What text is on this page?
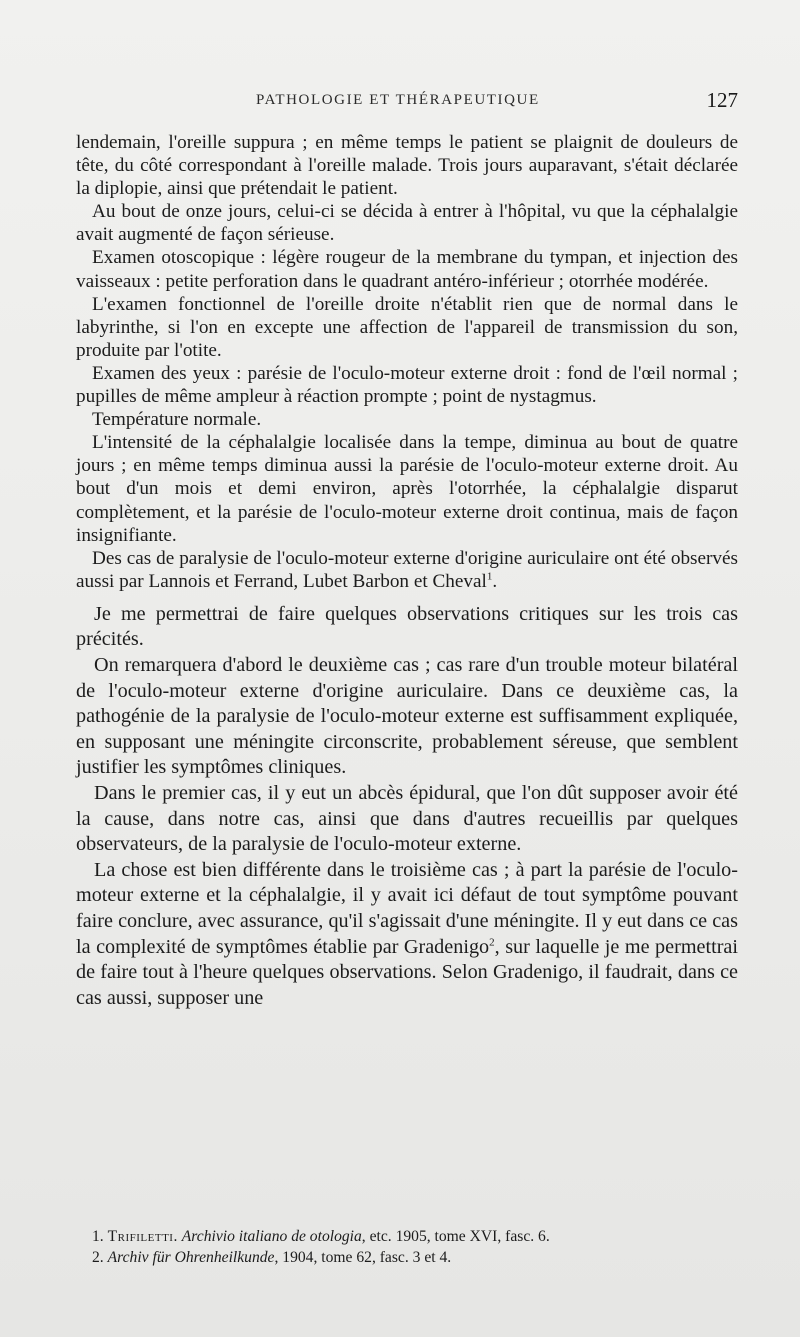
PATHOLOGIE ET THÉRAPEUTIQUE	127

lendemain, l'oreille suppura ; en même temps le patient se plaignit de douleurs de tête, du côté correspondant à l'oreille malade. Trois jours auparavant, s'était déclarée la diplopie, ainsi que prétendait le patient.

Au bout de onze jours, celui-ci se décida à entrer à l'hôpital, vu que la céphalalgie avait augmenté de façon sérieuse.

Examen otoscopique : légère rougeur de la membrane du tympan, et injection des vaisseaux : petite perforation dans le quadrant antéro-inférieur ; otorrhée modérée.

L'examen fonctionnel de l'oreille droite n'établit rien que de normal dans le labyrinthe, si l'on en excepte une affection de l'appareil de transmission du son, produite par l'otite.

Examen des yeux : parésie de l'oculo-moteur externe droit : fond de l'œil normal ; pupilles de même ampleur à réaction prompte ; point de nystagmus.

Température normale.

L'intensité de la céphalalgie localisée dans la tempe, diminua au bout de quatre jours ; en même temps diminua aussi la parésie de l'oculo-moteur externe droit. Au bout d'un mois et demi environ, après l'otorrhée, la céphalalgie disparut complètement, et la parésie de l'oculo-moteur externe droit continua, mais de façon insignifiante.

Des cas de paralysie de l'oculo-moteur externe d'origine auriculaire ont été observés aussi par Lannois et Ferrand, Lubet Barbon et Cheval$^1$.

Je me permettrai de faire quelques observations critiques sur les trois cas précités.

On remarquera d'abord le deuxième cas ; cas rare d'un trouble moteur bilatéral de l'oculo-moteur externe d'origine auriculaire. Dans ce deuxième cas, la pathogénie de la paralysie de l'oculo-moteur externe est suffisamment expliquée, en supposant une méningite circonscrite, probablement séreuse, que semblent justifier les symptômes cliniques.

Dans le premier cas, il y eut un abcès épidural, que l'on dût supposer avoir été la cause, dans notre cas, ainsi que dans d'autres recueillis par quelques observateurs, de la paralysie de l'oculo-moteur externe.

La chose est bien différente dans le troisième cas ; à part la parésie de l'oculo-moteur externe et la céphalalgie, il y avait ici défaut de tout symptôme pouvant faire conclure, avec assurance, qu'il s'agissait d'une méningite. Il y eut dans ce cas la complexité de symptômes établie par Gradenigo$^2$, sur laquelle je me permettrai de faire tout à l'heure quelques observations. Selon Gradenigo, il faudrait, dans ce cas aussi, supposer une

1. Trifiletti. Archivio italiano de otologia, etc. 1905, tome XVI, fasc. 6.

2. Archiv für Ohrenheilkunde, 1904, tome 62, fasc. 3 et 4.
